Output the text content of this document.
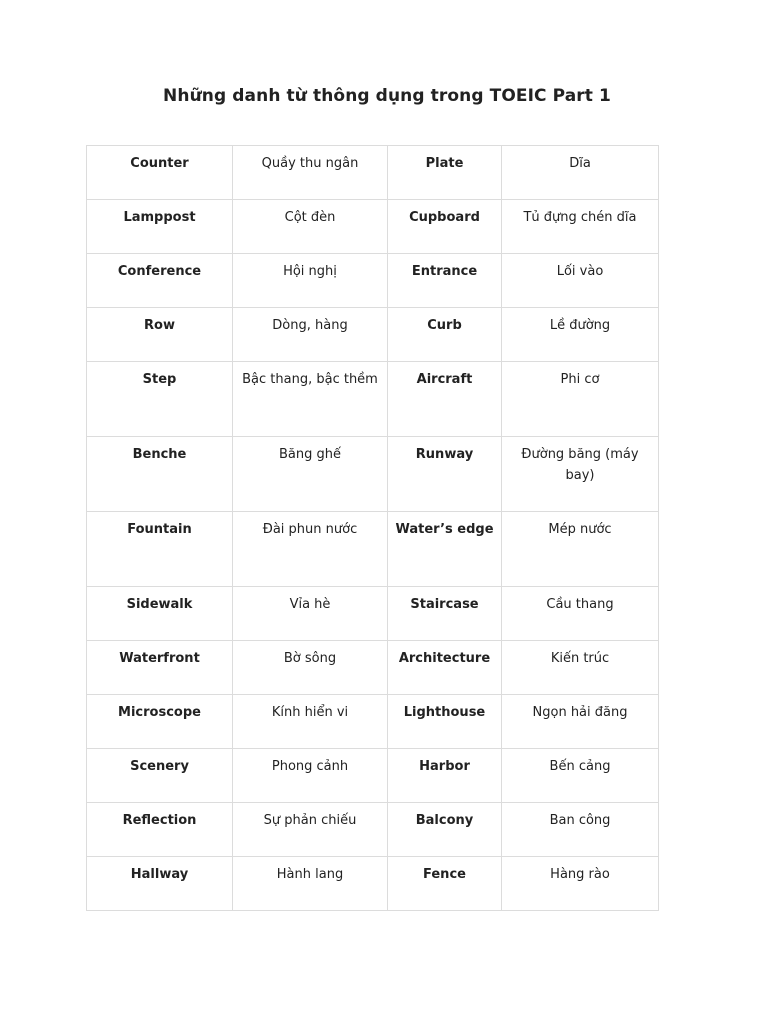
Những danh từ thông dụng trong TOEIC Part 1
Counter	Quầy thu ngân	Plate	Dĩa
Lamppost	Cột đèn	Cupboard	Tủ đựng chén dĩa
Conference	Hội nghị	Entrance	Lối vào
Row	Dòng, hàng	Curb	Lề đường
Step	Bậc thang, bậc thềm	Aircraft	Phi cơ
Benche	Băng ghế	Runway	Đường băng (máy bay)
Fountain	Đài phun nước	Water’s edge	Mép nước
Sidewalk	Vỉa hè	Staircase	Cầu thang
Waterfront	Bờ sông	Architecture	Kiến trúc
Microscope	Kính hiển vi	Lighthouse	Ngọn hải đăng
Scenery	Phong cảnh	Harbor	Bến cảng
Reflection	Sự phản chiếu	Balcony	Ban công
Hallway	Hành lang	Fence	Hàng rào
